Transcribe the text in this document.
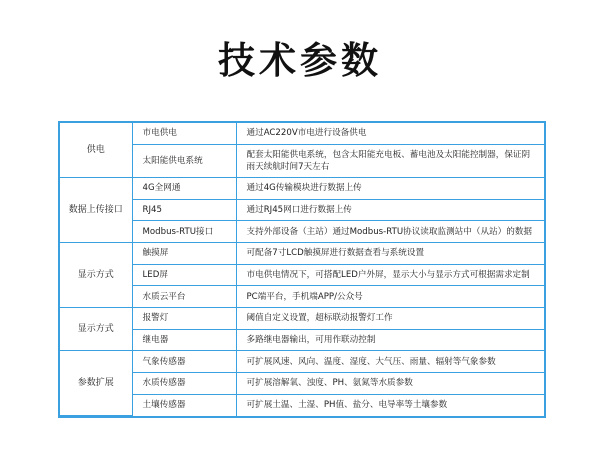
技术参数
供电	市电供电	通过AC220V市电进行设备供电
	太阳能供电系统	配套太阳能供电系统，包含太阳能充电板、蓄电池及太阳能控制器，保证阴雨天续航时间7天左右
数据上传接口	4G全网通	通过4G传输模块进行数据上传
	RJ45	通过RJ45网口进行数据上传
	Modbus-RTU接口	支持外部设备（主站）通过Modbus-RTU协议读取监测站中（从站）的数据
显示方式	触摸屏	可配备7寸LCD触摸屏进行数据查看与系统设置
	LED屏	市电供电情况下，可搭配LED户外屏，显示大小与显示方式可根据需求定制
	水质云平台	PC端平台，手机端APP/公众号
显示方式	报警灯	阈值自定义设置，超标联动报警灯工作
	继电器	多路继电器输出，可用作联动控制
参数扩展	气象传感器	可扩展风速、风向、温度、湿度、大气压、雨量、辐射等气象参数
	水质传感器	可扩展溶解氧、浊度、PH、氨氮等水质参数
	土壤传感器	可扩展土温、土湿、PH值、盐分、电导率等土壤参数
